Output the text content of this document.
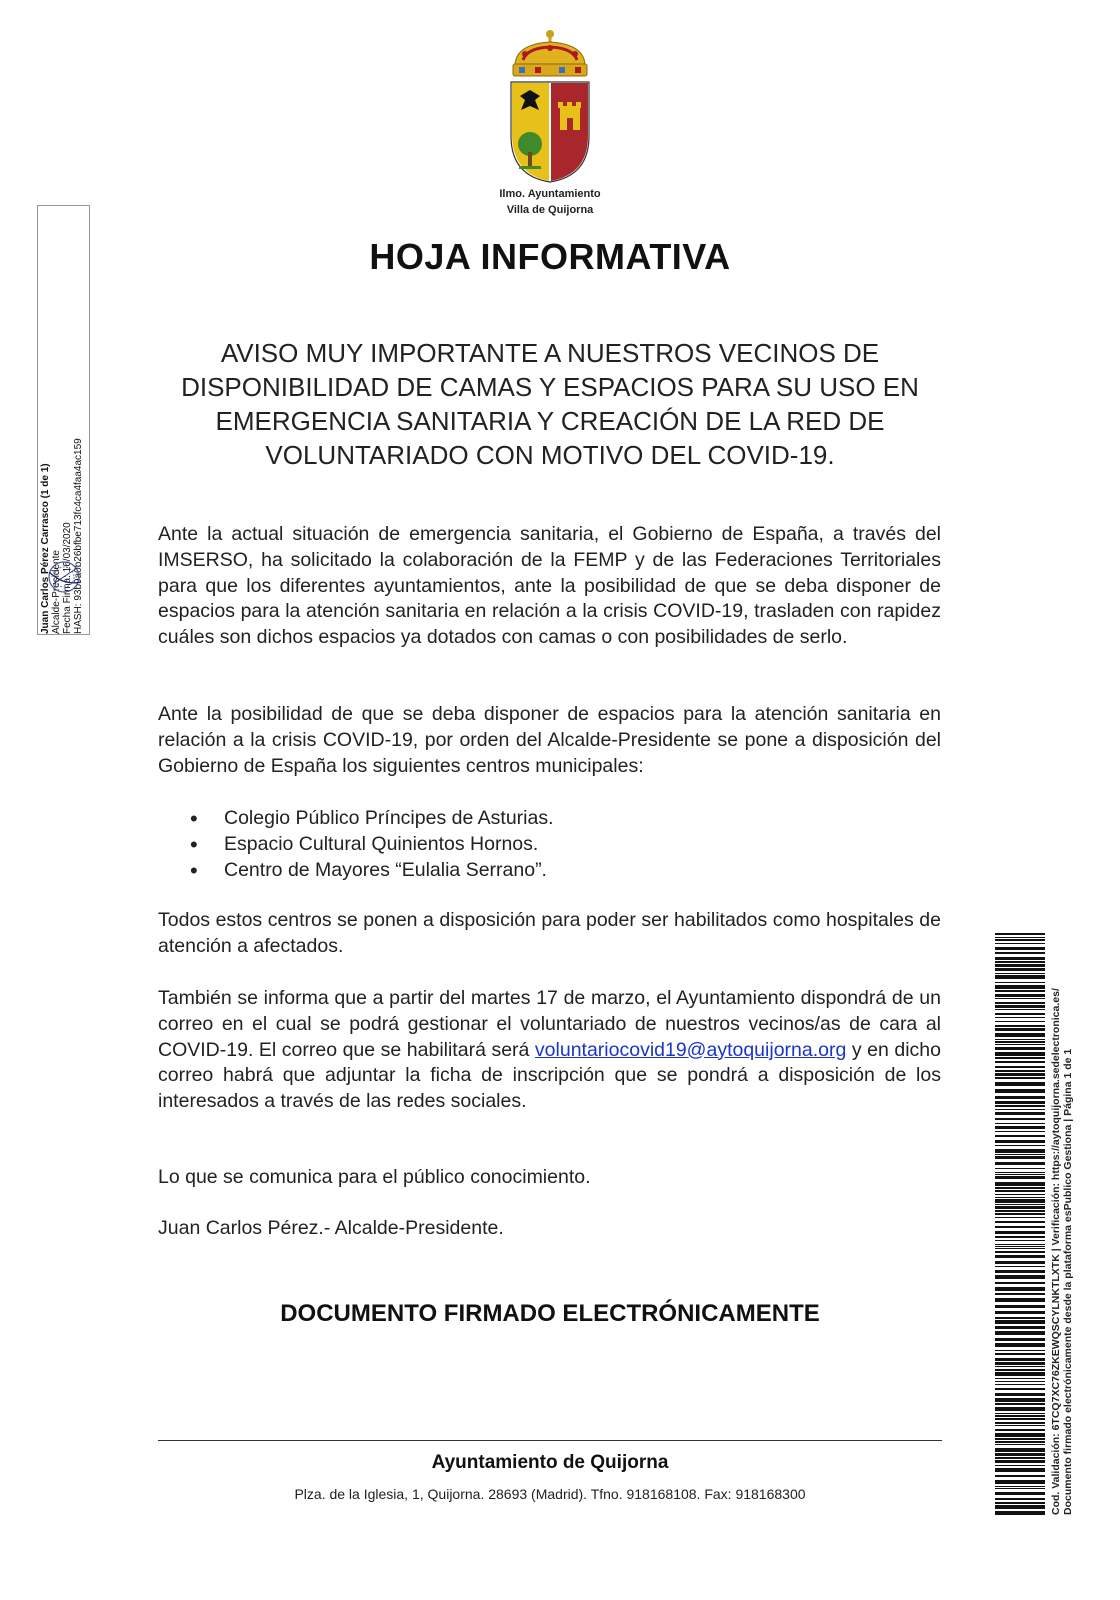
Ilmo. Ayuntamiento
Villa de Quijorna
Juan Carlos Pérez Carrasco (1 de 1) Alcalde-Presidente Fecha Firma: 16/03/2020 HASH: 93b9a0b26bfbe713fc4ca4faa4ac159
Cod. Validación: 6TCQ7XC76ZKEWQSCYLNKTLXTK | Verificación: https://aytoquijorna.sedelectronica.es/ Documento firmado electrónicamente desde la plataforma esPublico Gestiona | Página 1 de 1
HOJA INFORMATIVA
AVISO MUY IMPORTANTE A NUESTROS VECINOS DE DISPONIBILIDAD DE CAMAS Y ESPACIOS PARA SU USO EN EMERGENCIA SANITARIA Y CREACIÓN DE LA RED DE VOLUNTARIADO CON MOTIVO DEL COVID-19.
Ante la actual situación de emergencia sanitaria, el Gobierno de España, a través del IMSERSO, ha solicitado la colaboración de la FEMP y de las Federaciones Territoriales para que los diferentes ayuntamientos, ante la posibilidad de que se deba disponer de espacios para la atención sanitaria en relación a la crisis COVID-19, trasladen con rapidez cuáles son dichos espacios ya dotados con camas o con posibilidades de serlo.
Ante la posibilidad de que se deba disponer de espacios para la atención sanitaria en relación a la crisis COVID-19, por orden del Alcalde-Presidente se pone a disposición del Gobierno de España los siguientes centros municipales:
• Colegio Público Príncipes de Asturias.
• Espacio Cultural Quinientos Hornos.
• Centro de Mayores “Eulalia Serrano”.
Todos estos centros se ponen a disposición para poder ser habilitados como hospitales de atención a afectados.
También se informa que a partir del martes 17 de marzo, el Ayuntamiento dispondrá de un correo en el cual se podrá gestionar el voluntariado de nuestros vecinos/as de cara al COVID-19. El correo que se habilitará será voluntariocovid19@aytoquijorna.org y en dicho correo habrá que adjuntar la ficha de inscripción que se pondrá a disposición de los interesados a través de las redes sociales.
Lo que se comunica para el público conocimiento.
Juan Carlos Pérez.- Alcalde-Presidente.
DOCUMENTO FIRMADO ELECTRÓNICAMENTE
Ayuntamiento de Quijorna
Plza. de la Iglesia, 1, Quijorna. 28693 (Madrid). Tfno. 918168108. Fax: 918168300
